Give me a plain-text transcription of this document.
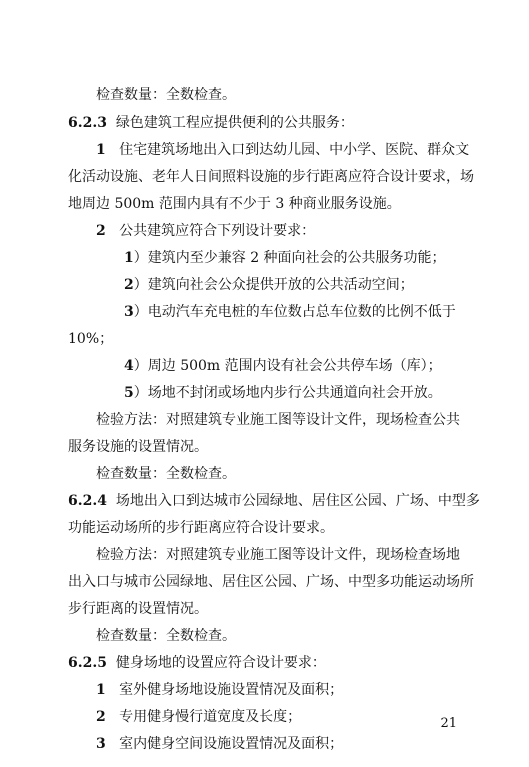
检查数量：全数检查。
6.2.3 绿色建筑工程应提供便利的公共服务：
1 住宅建筑场地出入口到达幼儿园、中小学、医院、群众文
化活动设施、老年人日间照料设施的步行距离应符合设计要求，场
地周边 500m 范围内具有不少于 3 种商业服务设施。
2 公共建筑应符合下列设计要求：
1）建筑内至少兼容 2 种面向社会的公共服务功能；
2）建筑向社会公众提供开放的公共活动空间；
3）电动汽车充电桩的车位数占总车位数的比例不低于
10%；
4）周边 500m 范围内设有社会公共停车场（库）；
5）场地不封闭或场地内步行公共通道向社会开放。
检验方法：对照建筑专业施工图等设计文件，现场检查公共
服务设施的设置情况。
检查数量：全数检查。
6.2.4 场地出入口到达城市公园绿地、居住区公园、广场、中型多
功能运动场所的步行距离应符合设计要求。
检验方法：对照建筑专业施工图等设计文件，现场检查场地
出入口与城市公园绿地、居住区公园、广场、中型多功能运动场所
步行距离的设置情况。
检查数量：全数检查。
6.2.5 健身场地的设置应符合设计要求：
1 室外健身场地设施设置情况及面积；
2 专用健身慢行道宽度及长度；
3 室内健身空间设施设置情况及面积；
21
